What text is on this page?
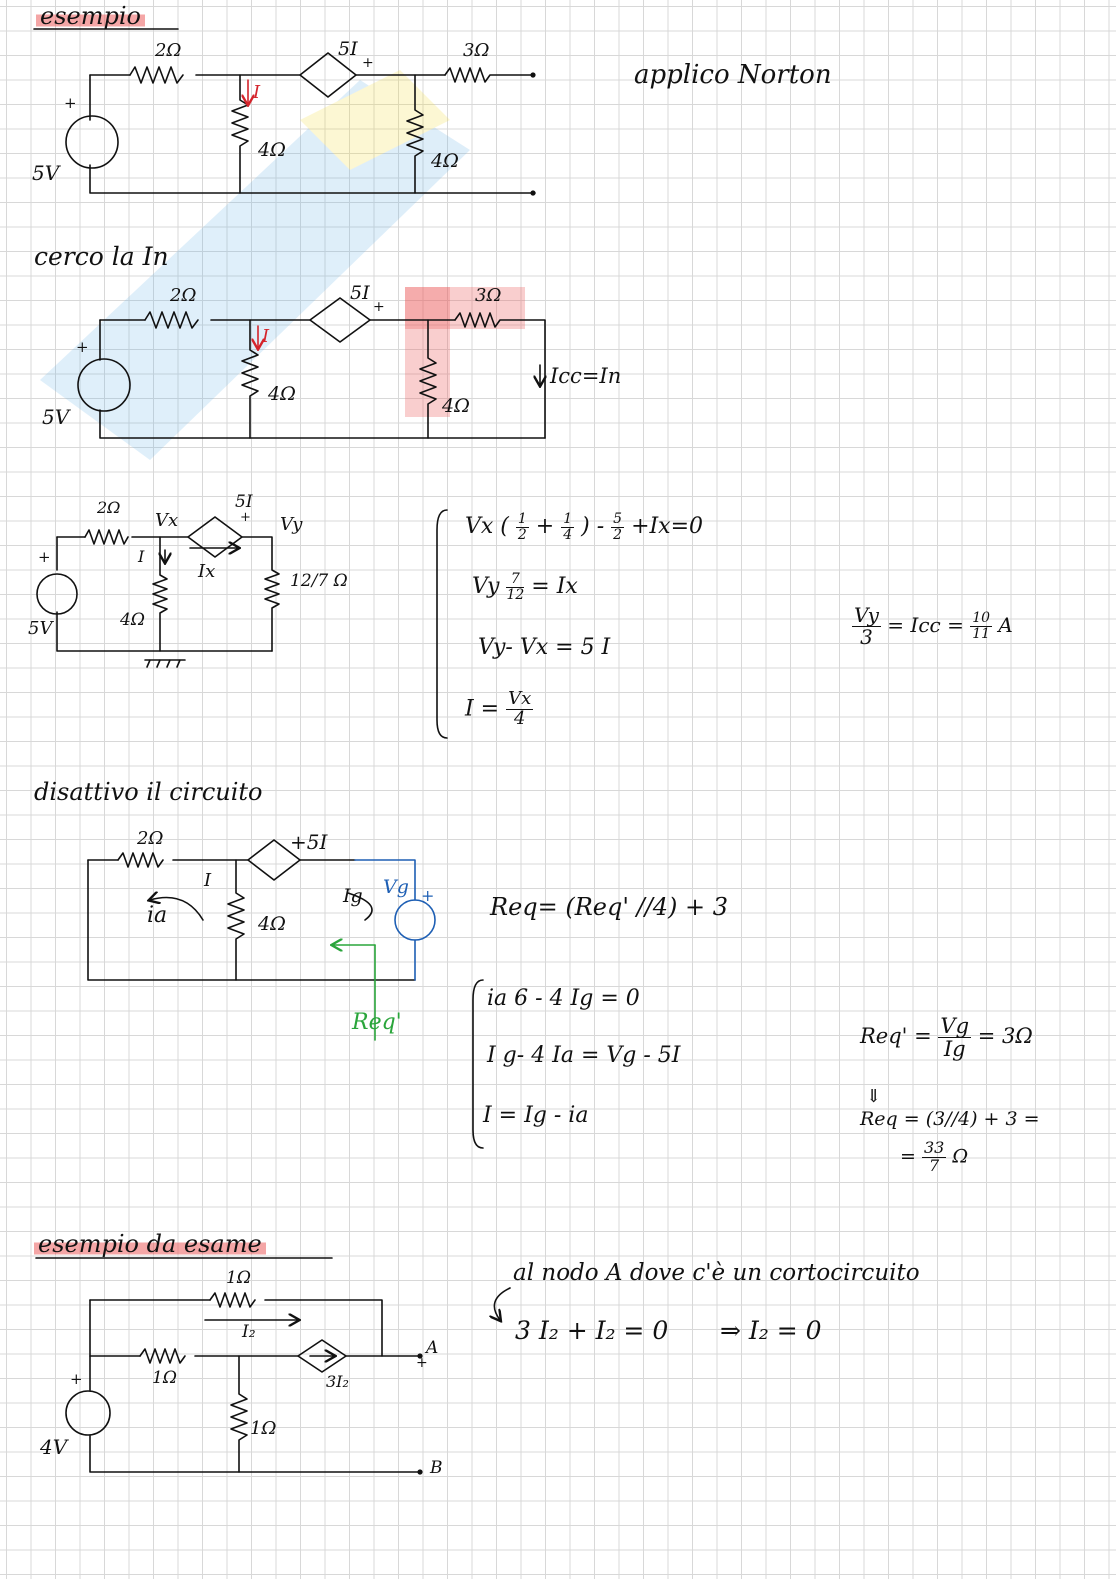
esempio
applico Norton
2Ω	3Ω
5I
+
I
4Ω	4Ω
5V
+
cerco la In
2Ω	3Ω
5I
+
I
4Ω
4Ω
5V
+
Icc=In
2Ω	5I
+
Vx	Vy
I
Ix
4Ω
12/7 Ω
5V
+
Vx ( $\frac{1}{2} + \frac{1}{4}$ ) - $\frac{5}{2} +Ix=0$
Vy $\frac{7}{12} = Ix$
Vy- Vx = 5 I
$I = \frac{Vx}{4}$
$\frac{Vy}{3}$ = Icc = $\frac{10}{11}$ A
disattivo il circuito
2Ω	+5I
I
ia	4Ω
Ig Vg +
Req'
Req= (Req' //4) + 3
ia 6 - 4 Ig = 0
I g- 4 Ia = Vg - 5I
I = Ig - ia
$Req' = \frac{Vg}{Ig} = 3\Omega$
⇓
Req = (3//4) + 3 =
= $\frac{33}{7}$ Ω
esempio da esame
al nodo A dove c'è un cortocircuito
3 I₂ + I₂ = 0 ⇒ I₂ = 0
1Ω
I₂
1Ω	3I₂
1Ω
4V
+
A
+
B
